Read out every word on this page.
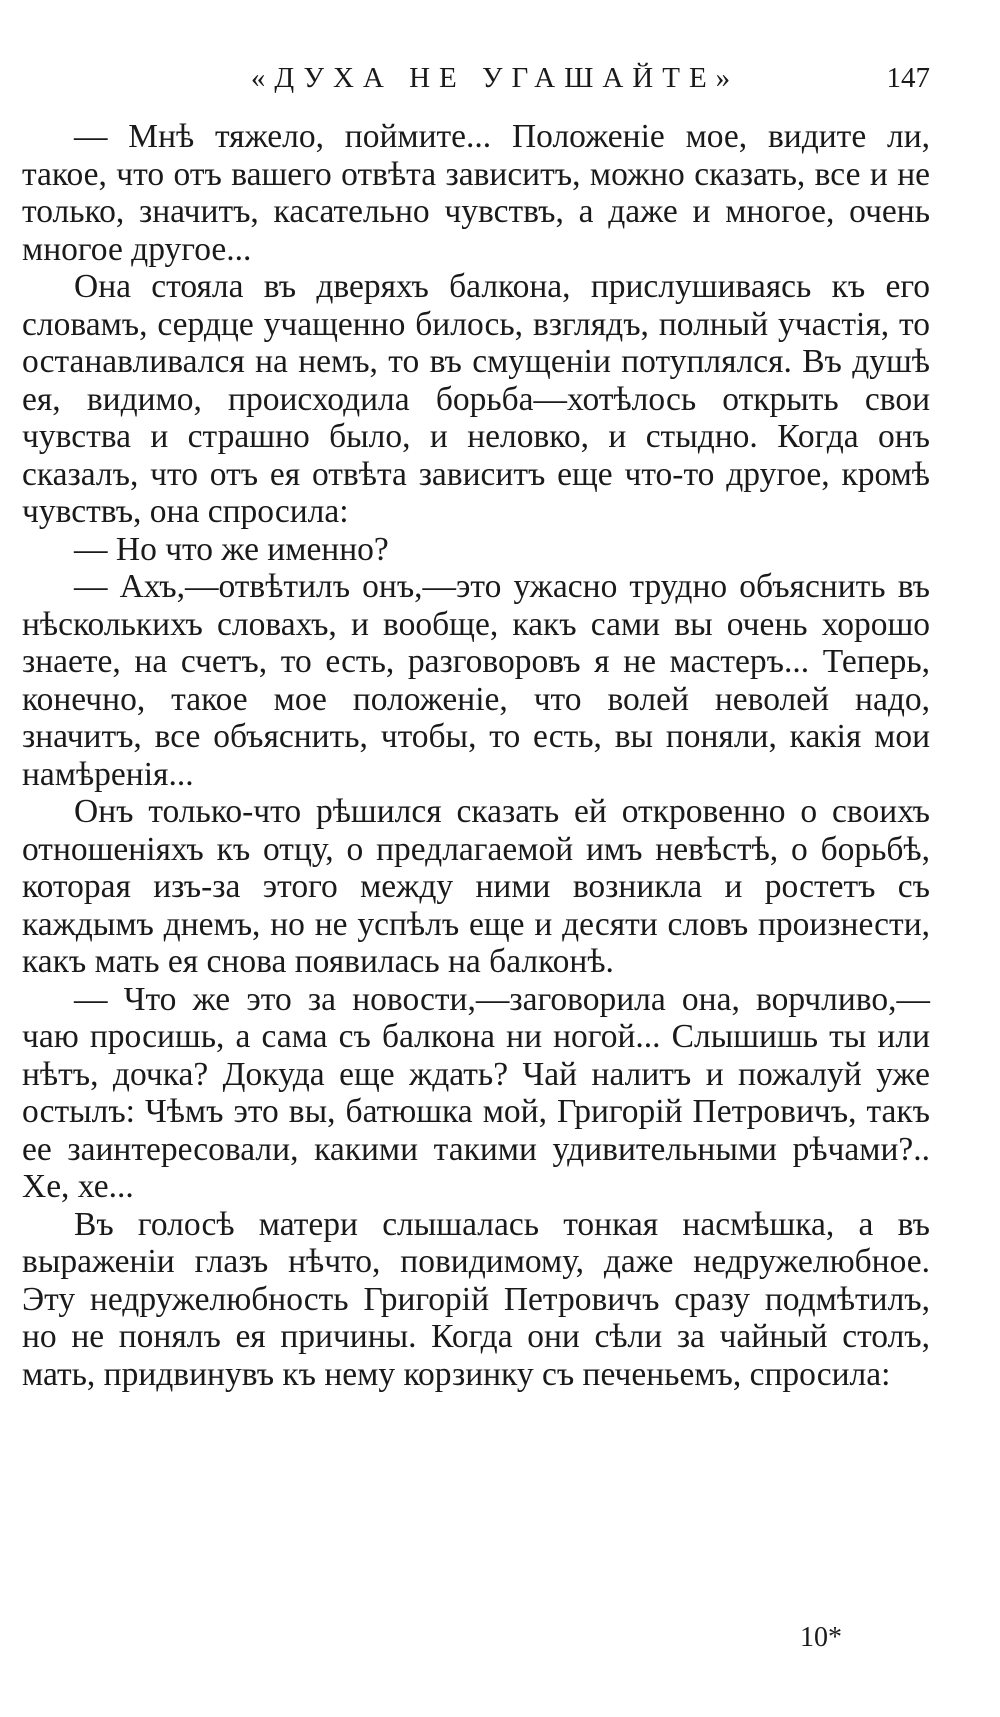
«ДУХА НЕ УГАШАЙТЕ»	147

— Мнѣ тяжело, поймите... Положеніе мое, видите ли, такое, что отъ вашего отвѣта зависитъ, можно сказать, все и не только, значитъ, касательно чувствъ, а даже и многое, очень многое другое...

Она стояла въ дверяхъ балкона, прислушиваясь къ его словамъ, сердце учащенно билось, взглядъ, полный участія, то останавливался на немъ, то въ смущеніи потуплялся. Въ душѣ ея, видимо, происходила борьба—хотѣлось открыть свои чувства и страшно было, и неловко, и стыдно. Когда онъ сказалъ, что отъ ея отвѣта зависитъ еще что-то другое, кромѣ чувствъ, она спросила:

— Но что же именно?

— Ахъ,—отвѣтилъ онъ,—это ужасно трудно объяснить въ нѣсколькихъ словахъ, и вообще, какъ сами вы очень хорошо знаете, на счетъ, то есть, разговоровъ я не мастеръ... Теперь, конечно, такое мое положеніе, что волей неволей надо, значитъ, все объяснить, чтобы, то есть, вы поняли, какія мои намѣренія...

Онъ только-что рѣшился сказать ей откровенно о своихъ отношеніяхъ къ отцу, о предлагаемой имъ невѣстѣ, о борьбѣ, которая изъ-за этого между ними возникла и ростетъ съ каждымъ днемъ, но не успѣлъ еще и десяти словъ произнести, какъ мать ея снова появилась на балконѣ.

— Что же это за новости,—заговорила она, ворчливо,—чаю просишь, а сама съ балкона ни ногой... Слышишь ты или нѣтъ, дочка? Докуда еще ждать? Чай налитъ и пожалуй уже остылъ: Чѣмъ это вы, батюшка мой, Григорій Петровичъ, такъ ее заинтересовали, какими такими удивительными рѣчами?.. Хе, хе...

Въ голосѣ матери слышалась тонкая насмѣшка, а въ выраженіи глазъ нѣчто, повидимому, даже недружелюбное. Эту недружелюбность Григорій Петровичъ сразу подмѣтилъ, но не понялъ ея причины. Когда они сѣли за чайный столъ, мать, придвинувъ къ нему корзинку съ печеньемъ, спросила:

10*
